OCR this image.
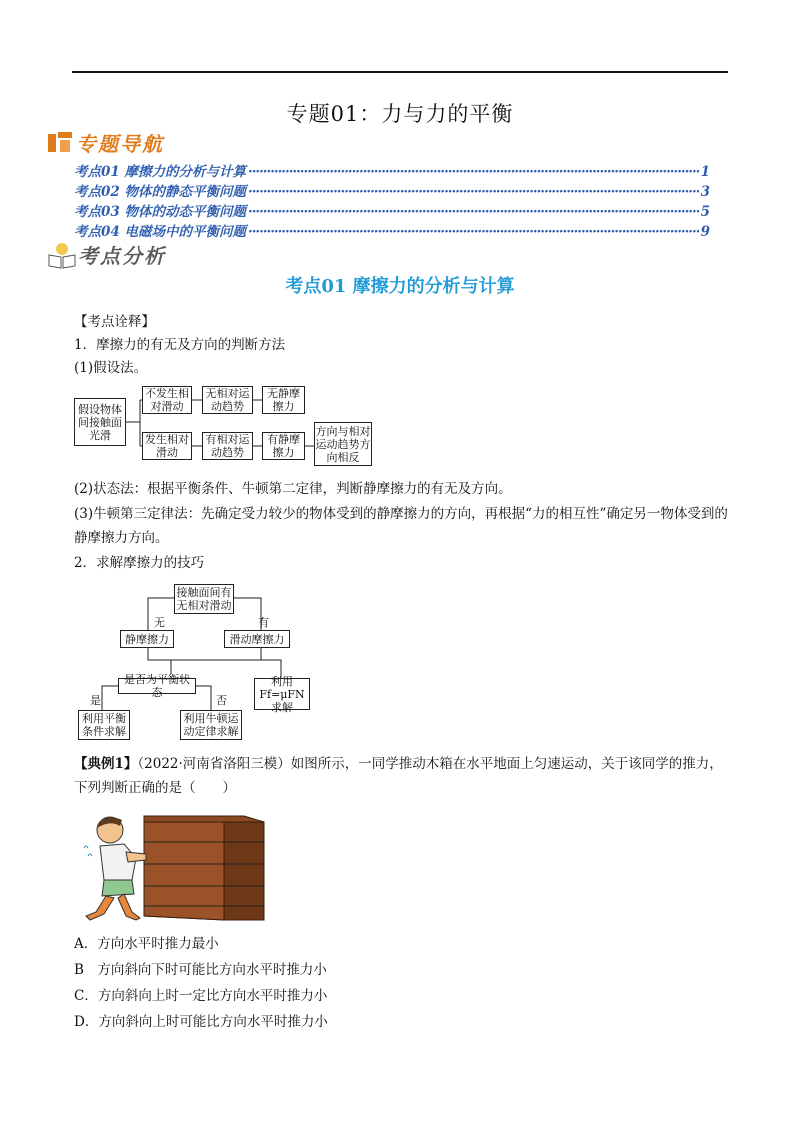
专题01：力与力的平衡
专题导航
考点01 摩擦力的分析与计算 ·····	1
考点02 物体的静态平衡问题 ·····	3
考点03 物体的动态平衡问题 ·····	5
考点04 电磁场中的平衡问题 ·····	9
考点分析
考点01 摩擦力的分析与计算
【考点诠释】
1．摩擦力的有无及方向的判断方法
(1)假设法。
假设物体间接触面光滑
不发生相对滑动
无相对运动趋势
无静摩擦力
发生相对滑动
有相对运动趋势
有静摩擦力
方向与相对运动趋势方向相反
(2)状态法：根据平衡条件、牛顿第二定律，判断静摩擦力的有无及方向。
(3)牛顿第三定律法：先确定受力较少的物体受到的静摩擦力的方向，再根据“力的相互性”确定另一物体受到的静摩擦力方向。
2．求解摩擦力的技巧
接触面间有无相对滑动
无	有
静摩擦力	滑动摩擦力
是否为平衡状态
是	否
利用Ff=μFN求解
利用平衡条件求解
利用牛顿运动定律求解
【典例1】（2022·河南省洛阳三模）如图所示，一同学推动木箱在水平地面上匀速运动，关于该同学的推力，下列判断正确的是（　　）
A．方向水平时推力最小
B　方向斜向下时可能比方向水平时推力小
C．方向斜向上时一定比方向水平时推力小
D．方向斜向上时可能比方向水平时推力小
